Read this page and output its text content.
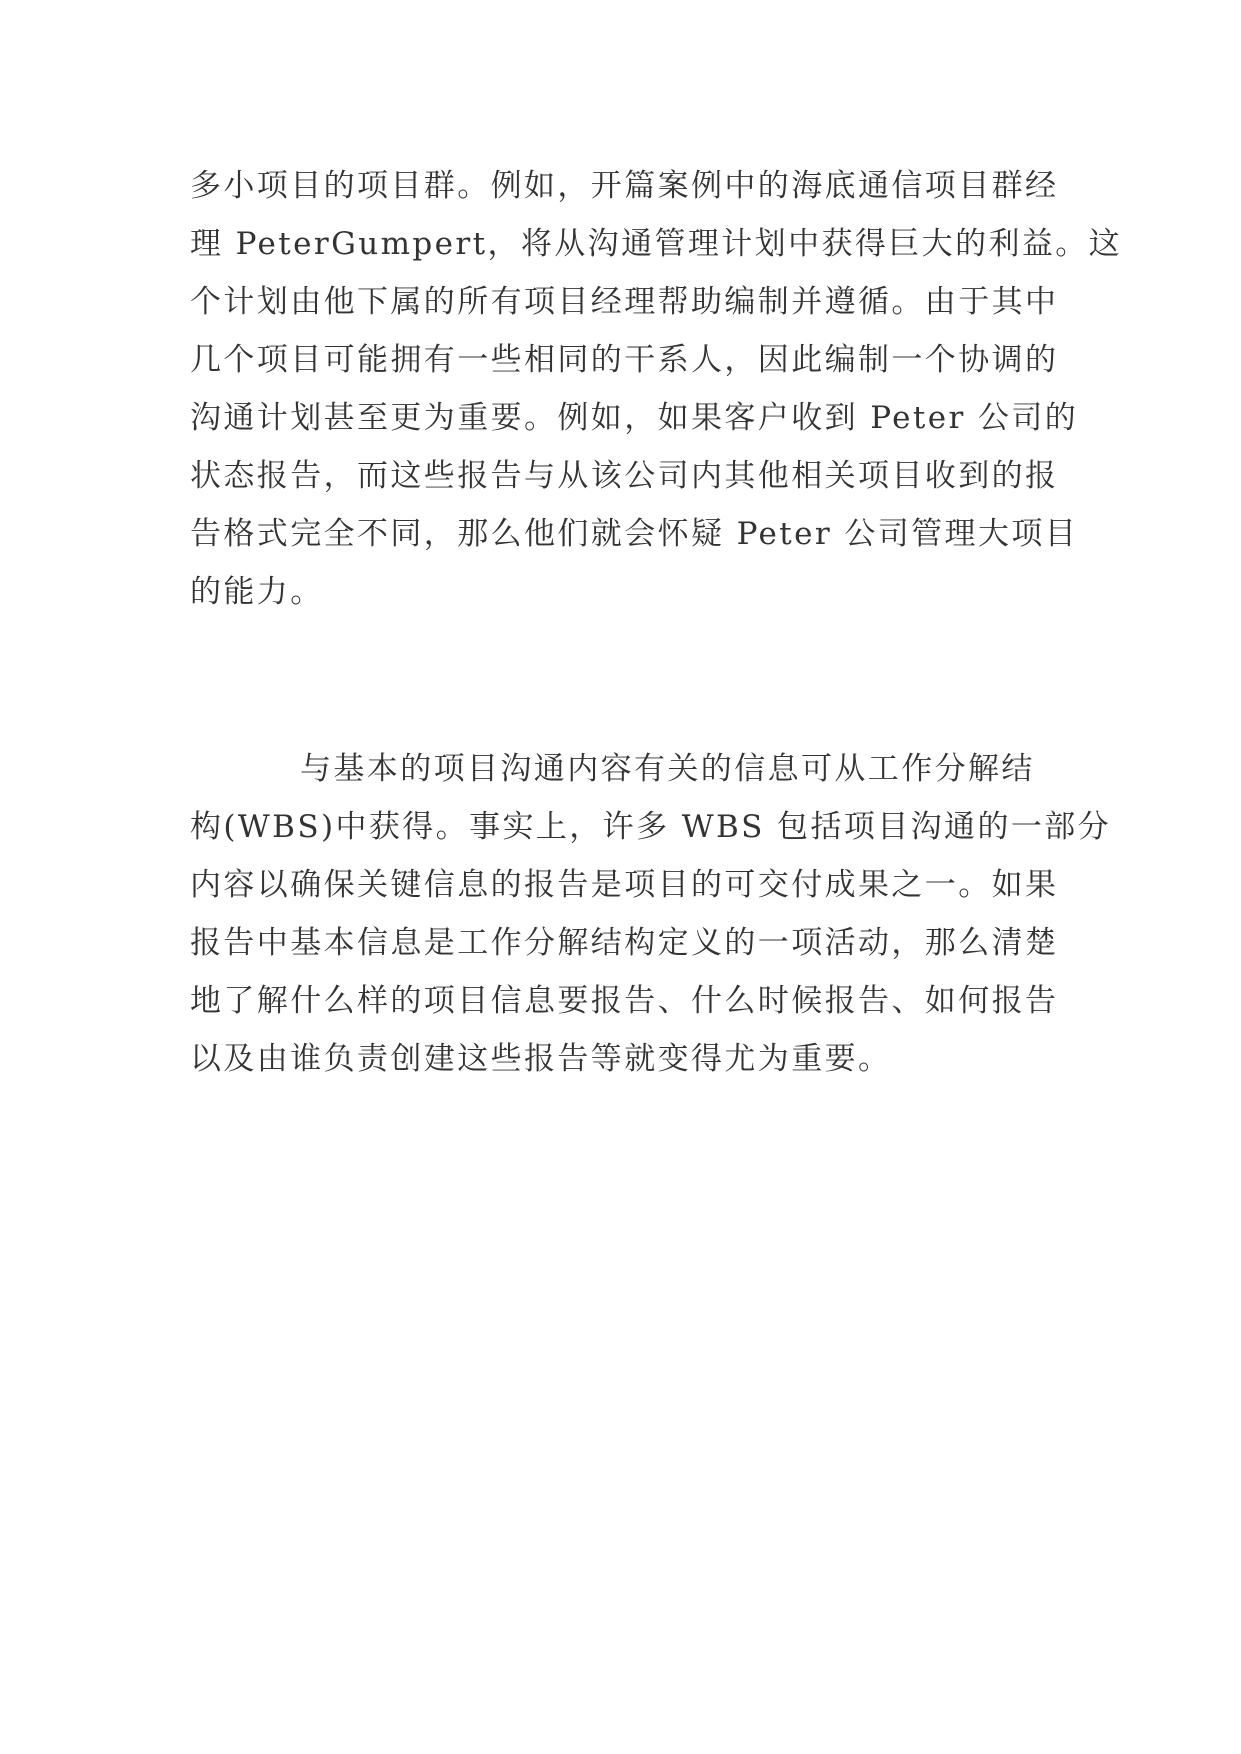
多小项目的项目群。例如，开篇案例中的海底通信项目群经
理 PeterGumpert，将从沟通管理计划中获得巨大的利益。这
个计划由他下属的所有项目经理帮助编制并遵循。由于其中
几个项目可能拥有一些相同的干系人，因此编制一个协调的
沟通计划甚至更为重要。例如，如果客户收到 Peter 公司的
状态报告，而这些报告与从该公司内其他相关项目收到的报
告格式完全不同，那么他们就会怀疑 Peter 公司管理大项目
的能力。
与基本的项目沟通内容有关的信息可从工作分解结
构(WBS)中获得。事实上，许多 WBS 包括项目沟通的一部分
内容以确保关键信息的报告是项目的可交付成果之一。如果
报告中基本信息是工作分解结构定义的一项活动，那么清楚
地了解什么样的项目信息要报告、什么时候报告、如何报告
以及由谁负责创建这些报告等就变得尤为重要。
